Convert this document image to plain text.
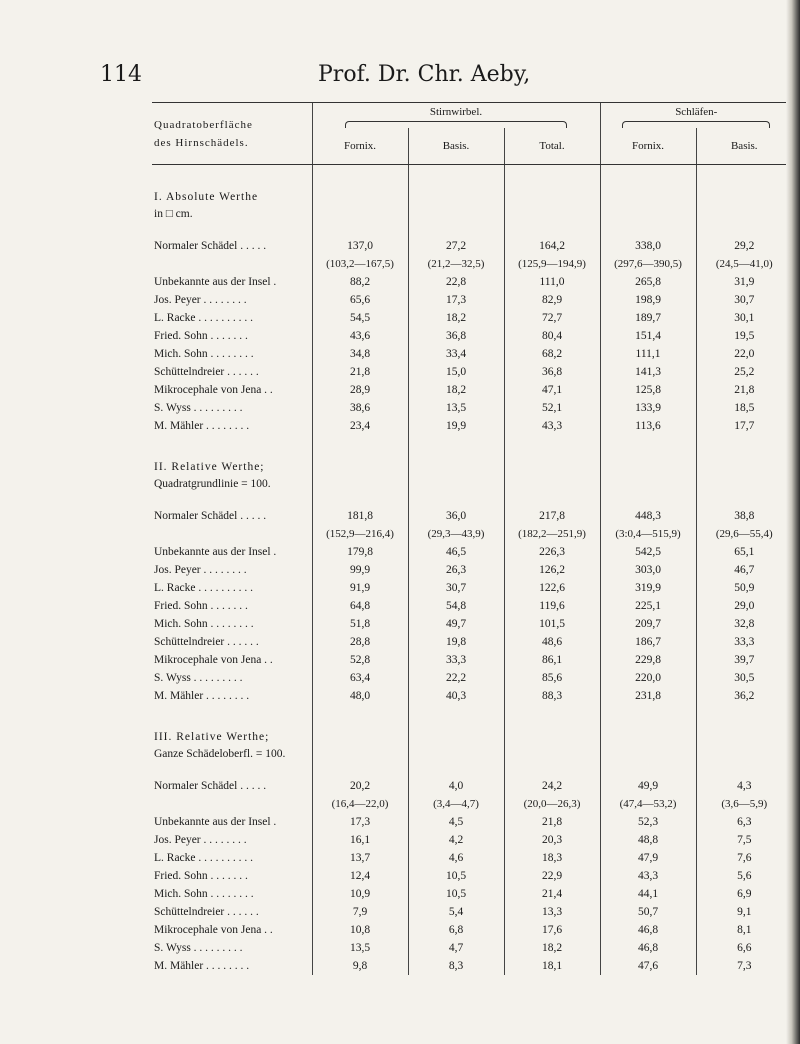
114	Prof. Dr. Chr. Aeby,
Quadratoberfläche
des Hirnschädels.	Stirnwirbel.			Schläfen-	

	Fornix.	Basis.	Total.	Fornix.	Basis.
I. Absolute Werthe
in □ cm.					

Normaler Schädel . . . . .	137,0	27,2	164,2	338,0	29,2
	(103,2—167,5)	(21,2—32,5)	(125,9—194,9)	(297,6—390,5)	(24,5—41,0)
Unbekannte aus der Insel .	88,2	22,8	111,0	265,8	31,9
Jos. Peyer . . . . . . . .	65,6	17,3	82,9	198,9	30,7
L. Racke . . . . . . . . . .	54,5	18,2	72,7	189,7	30,1
Fried. Sohn . . . . . . .	43,6	36,8	80,4	151,4	19,5
Mich. Sohn . . . . . . . .	34,8	33,4	68,2	111,1	22,0
Schüttelndreier . . . . . .	21,8	15,0	36,8	141,3	25,2
Mikrocephale von Jena . .	28,9	18,2	47,1	125,8	21,8
S. Wyss . . . . . . . . .	38,6	13,5	52,1	133,9	18,5
M. Mähler . . . . . . . .	23,4	19,9	43,3	113,6	17,7
II. Relative Werthe;
Quadratgrundlinie = 100.					

Normaler Schädel . . . . .	181,8	36,0	217,8	448,3	38,8
	(152,9—216,4)	(29,3—43,9)	(182,2—251,9)	(3:0,4—515,9)	(29,6—55,4)
Unbekannte aus der Insel .	179,8	46,5	226,3	542,5	65,1
Jos. Peyer . . . . . . . .	99,9	26,3	126,2	303,0	46,7
L. Racke . . . . . . . . . .	91,9	30,7	122,6	319,9	50,9
Fried. Sohn . . . . . . .	64,8	54,8	119,6	225,1	29,0
Mich. Sohn . . . . . . . .	51,8	49,7	101,5	209,7	32,8
Schüttelndreier . . . . . .	28,8	19,8	48,6	186,7	33,3
Mikrocephale von Jena . .	52,8	33,3	86,1	229,8	39,7
S. Wyss . . . . . . . . .	63,4	22,2	85,6	220,0	30,5
M. Mähler . . . . . . . .	48,0	40,3	88,3	231,8	36,2
III. Relative Werthe;
Ganze Schädeloberfl. = 100.					

Normaler Schädel . . . . .	20,2	4,0	24,2	49,9	4,3
	(16,4—22,0)	(3,4—4,7)	(20,0—26,3)	(47,4—53,2)	(3,6—5,9)
Unbekannte aus der Insel .	17,3	4,5	21,8	52,3	6,3
Jos. Peyer . . . . . . . .	16,1	4,2	20,3	48,8	7,5
L. Racke . . . . . . . . . .	13,7	4,6	18,3	47,9	7,6
Fried. Sohn . . . . . . .	12,4	10,5	22,9	43,3	5,6
Mich. Sohn . . . . . . . .	10,9	10,5	21,4	44,1	6,9
Schüttelndreier . . . . . .	7,9	5,4	13,3	50,7	9,1
Mikrocephale von Jena . .	10,8	6,8	17,6	46,8	8,1
S. Wyss . . . . . . . . .	13,5	4,7	18,2	46,8	6,6
M. Mähler . . . . . . . .	9,8	8,3	18,1	47,6	7,3
